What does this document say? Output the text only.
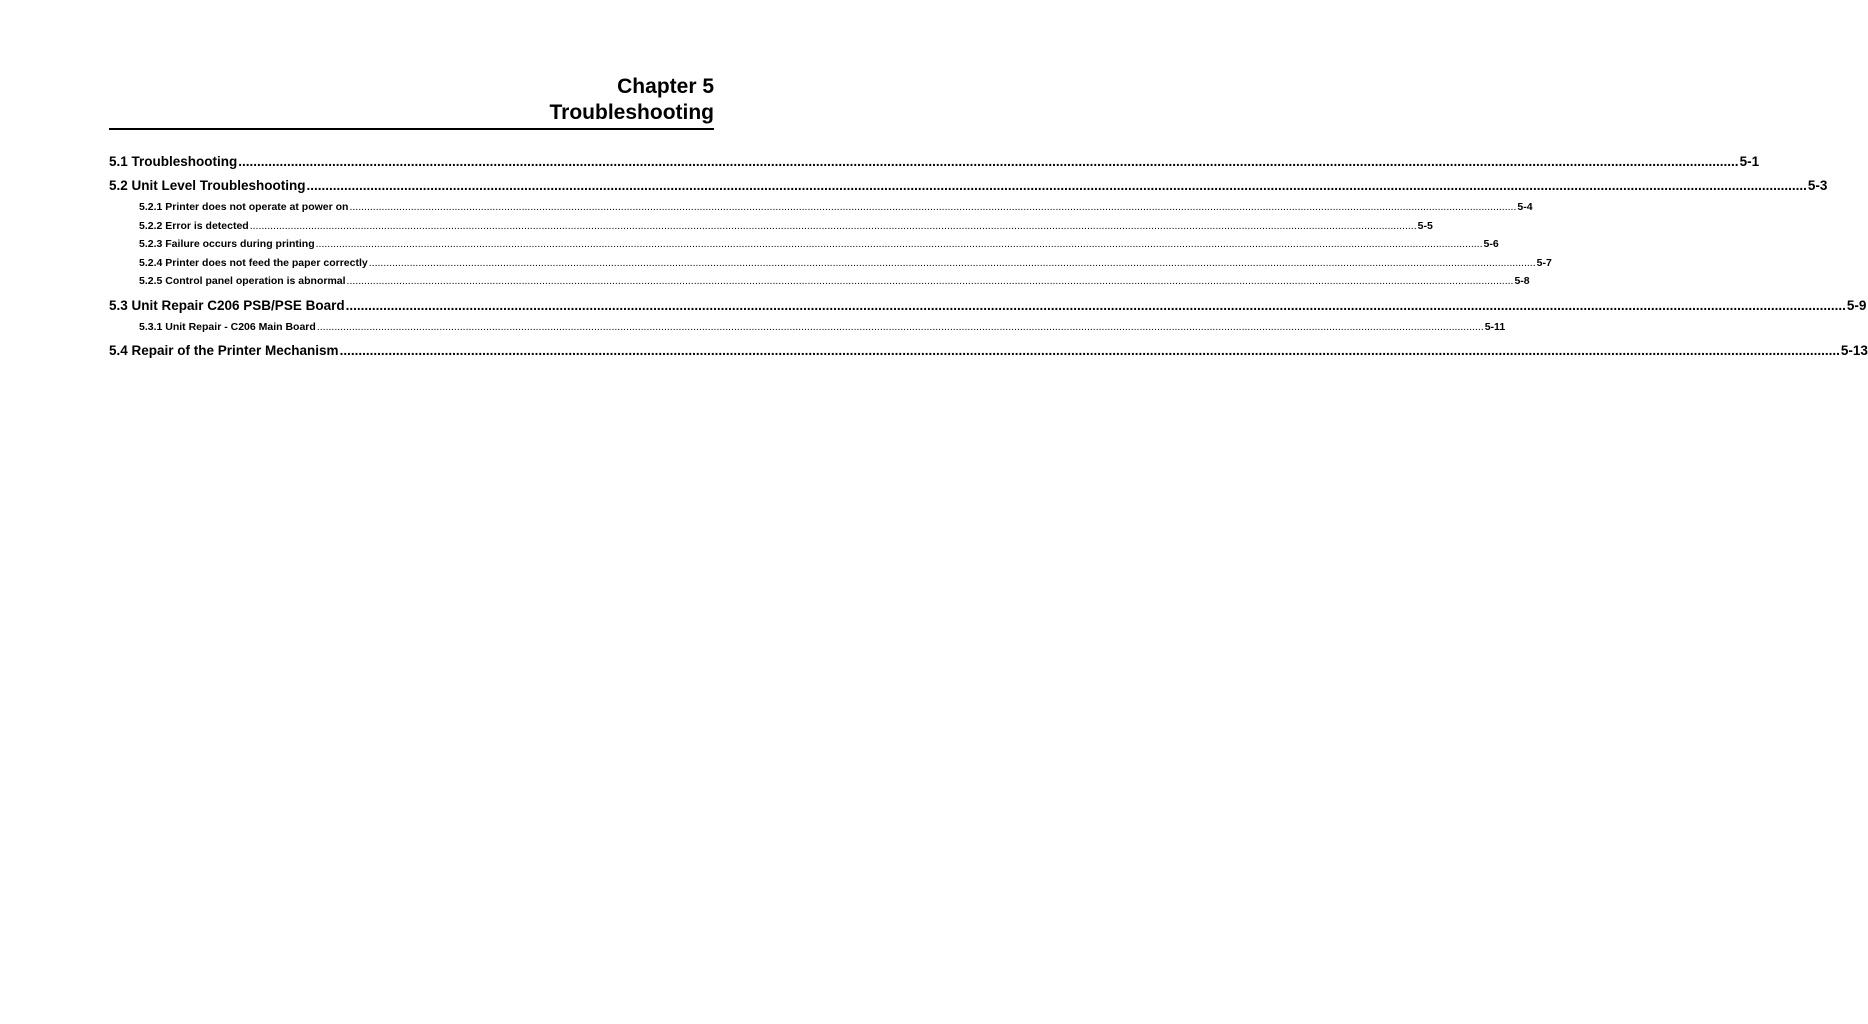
Chapter 5
Troubleshooting
5.1 Troubleshooting ................................................................................................................................................................................................................................................................................................................................................................................................................ 5-1
5.2 Unit Level Troubleshooting ................................................................................................................................................................................................................................................................................................................................................................................................................ 5-3
5.2.1 Printer does not operate at power on ................................................................................................................................................................................................................................................................................................................................................................................................................ 5-4
5.2.2 Error is detected ................................................................................................................................................................................................................................................................................................................................................................................................................ 5-5
5.2.3 Failure occurs during printing ................................................................................................................................................................................................................................................................................................................................................................................................................ 5-6
5.2.4 Printer does not feed the paper correctly ................................................................................................................................................................................................................................................................................................................................................................................................................ 5-7
5.2.5 Control panel operation is abnormal ................................................................................................................................................................................................................................................................................................................................................................................................................ 5-8
5.3 Unit Repair C206 PSB/PSE Board ................................................................................................................................................................................................................................................................................................................................................................................................................ 5-9
5.3.1 Unit Repair - C206 Main Board ................................................................................................................................................................................................................................................................................................................................................................................................................ 5-11
5.4 Repair of the Printer Mechanism ................................................................................................................................................................................................................................................................................................................................................................................................................ 5-13
